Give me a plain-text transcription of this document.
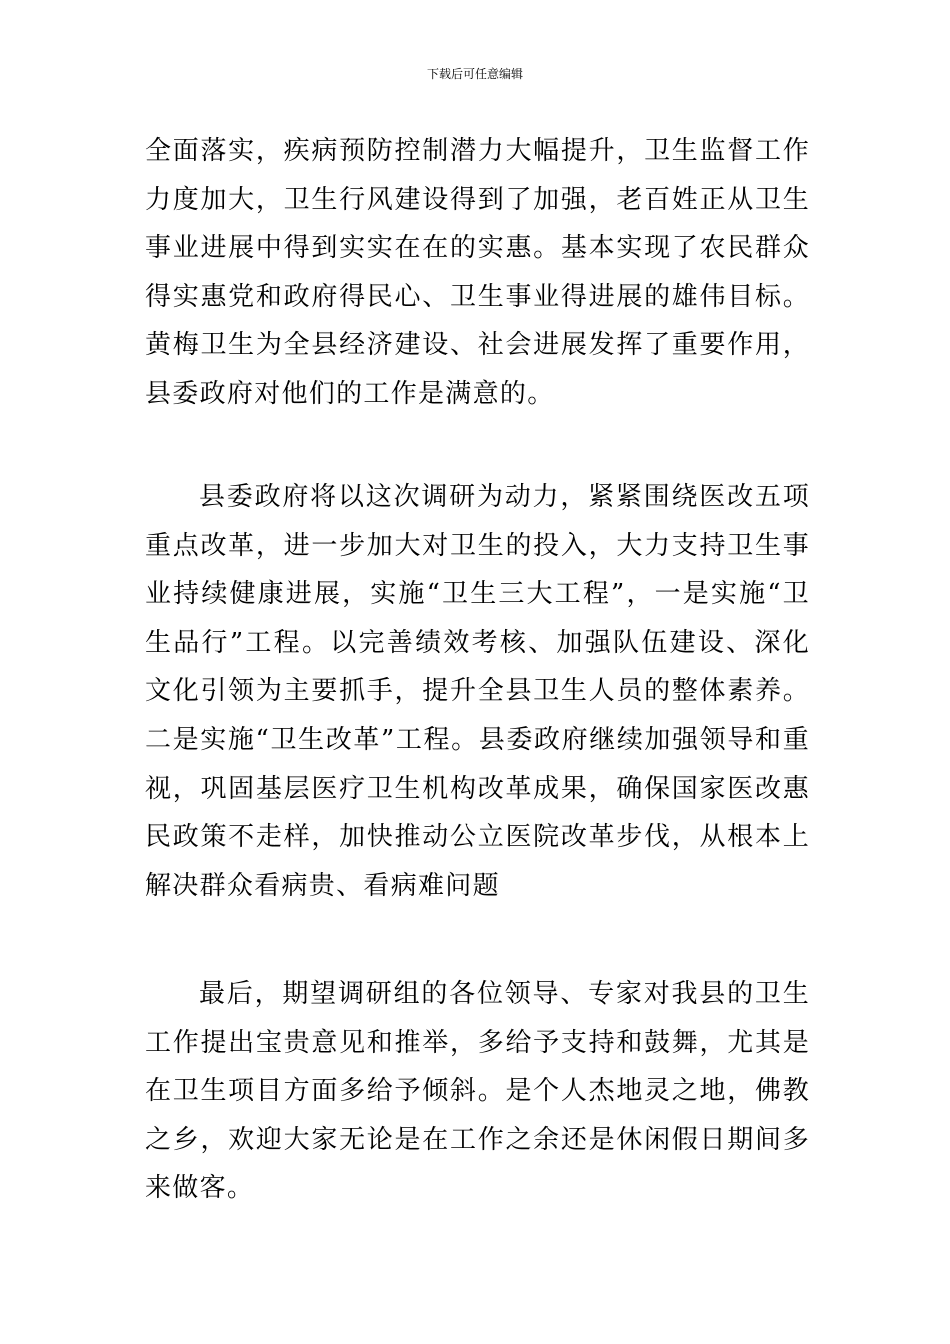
下载后可任意编辑

全面落实，疾病预防控制潜力大幅提升，卫生监督工作力度加大，卫生行风建设得到了加强，老百姓正从卫生事业进展中得到实实在在的实惠。基本实现了农民群众得实惠党和政府得民心、卫生事业得进展的雄伟目标。黄梅卫生为全县经济建设、社会进展发挥了重要作用，县委政府对他们的工作是满意的。

县委政府将以这次调研为动力，紧紧围绕医改五项重点改革，进一步加大对卫生的投入，大力支持卫生事业持续健康进展，实施“卫生三大工程”，一是实施“卫生品行”工程。以完善绩效考核、加强队伍建设、深化文化引领为主要抓手，提升全县卫生人员的整体素养。二是实施“卫生改革”工程。县委政府继续加强领导和重视，巩固基层医疗卫生机构改革成果，确保国家医改惠民政策不走样，加快推动公立医院改革步伐，从根本上解决群众看病贵、看病难问题

最后，期望调研组的各位领导、专家对我县的卫生工作提出宝贵意见和推举，多给予支持和鼓舞，尤其是在卫生项目方面多给予倾斜。是个人杰地灵之地，佛教之乡，欢迎大家无论是在工作之余还是休闲假日期间多来做客。
